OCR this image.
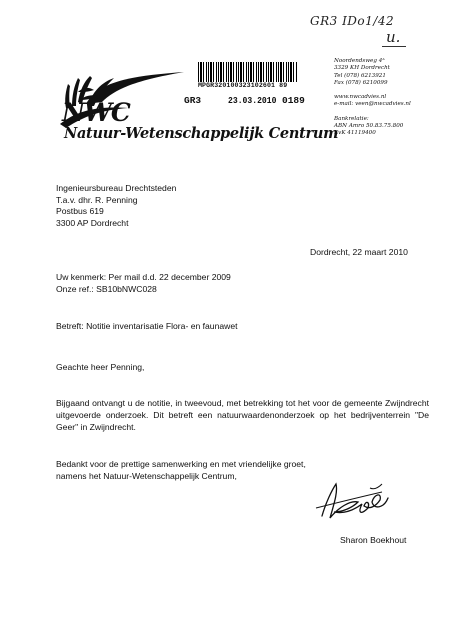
GR3 IDo1/42
u.
MPGR320100323102601 89
GR3	23.03.2010 0189
NWC
Natuur-Wetenschappelijk Centrum
Noordendsweg 4ᴬ
3329 KH Dordrecht
Tel (078) 6213921
Fax (078) 6210099
www.nwcadvies.nl
e-mail: veen@nwcadvies.nl
Bankrelatie:
ABN Amro 50.83.75.800
KvK 41119400
Ingenieursbureau Drechtsteden
T.a.v. dhr. R. Penning
Postbus 619
3300 AP Dordrecht
Dordrecht, 22 maart 2010
Uw kenmerk: Per mail d.d. 22 december 2009
Onze ref.: SB10bNWC028
Betreft: Notitie inventarisatie Flora- en faunawet
Geachte heer Penning,
Bijgaand ontvangt u de notitie, in tweevoud, met betrekking tot het voor de gemeente Zwijndrecht uitgevoerde onderzoek. Dit betreft een natuurwaardenonderzoek op het bedrijventerrein "De Geer" in Zwijndrecht.
Bedankt voor de prettige samenwerking en met vriendelijke groet,
namens het Natuur-Wetenschappelijk Centrum,
Sharon Boekhout
